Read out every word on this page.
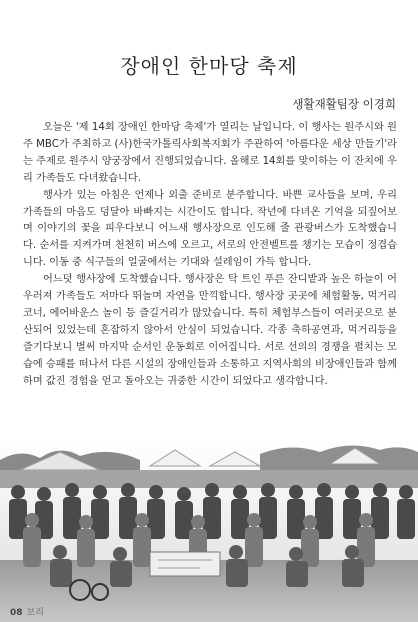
장애인 한마당 축제
생활재활팀장 이경희

오늘은 '제 14회 장애인 한마당 축제'가 열리는 날입니다. 이 행사는 원주시와 원주 MBC가 주최하고 (사)한국가톨릭사회복지회가 주관하여 '아름다운 세상 만들기'라는 주제로 원주시 양궁장에서 진행되었습니다. 올해로 14회를 맞이하는 이 잔치에 우리 가족들도 다녀왔습니다.

행사가 있는 아침은 언제나 외출 준비로 분주합니다. 바쁜 교사들을 보며, 우리 가족들의 마음도 덩달아 바빠지는 시간이도 합니다. 작년에 다녀온 기억을 되짚어보며 이야기의 꽃을 피우다보니 어느새 행사장으로 인도해 줄 관광버스가 도착했습니다. 순서를 지켜가며 천천히 버스에 오르고, 서로의 안전벨트를 챙기는 모습이 정겹습니다. 이동 중 식구들의 얼굴에서는 기대와 설레임이 가득 합니다.

어느덧 행사장에 도착했습니다. 행사장은 탁 트인 푸른 잔디밭과 높은 하늘이 어우러져 가족들도 저마다 뛰놀며 자연을 만끽합니다. 행사장 곳곳에 체험활동, 먹거리코너, 에어바운스 놀이 등 즐길거리가 많았습니다. 특히 체험부스들이 여러곳으로 분산되어 있었는데 혼잡하지 않아서 안심이 되었습니다. 각종 축하공연과, 먹거리등을 즐기다보니 벌써 마지막 순서인 운동회로 이어집니다. 서로 선의의 경쟁을 펼치는 모습에 승패를 떠나서 다른 시설의 장애인들과 소통하고 지역사회의 비장애인들과 함께하며 값진 경험을 얻고 돌아오는 귀중한 시간이 되었다고 생각합니다.

08 보리
